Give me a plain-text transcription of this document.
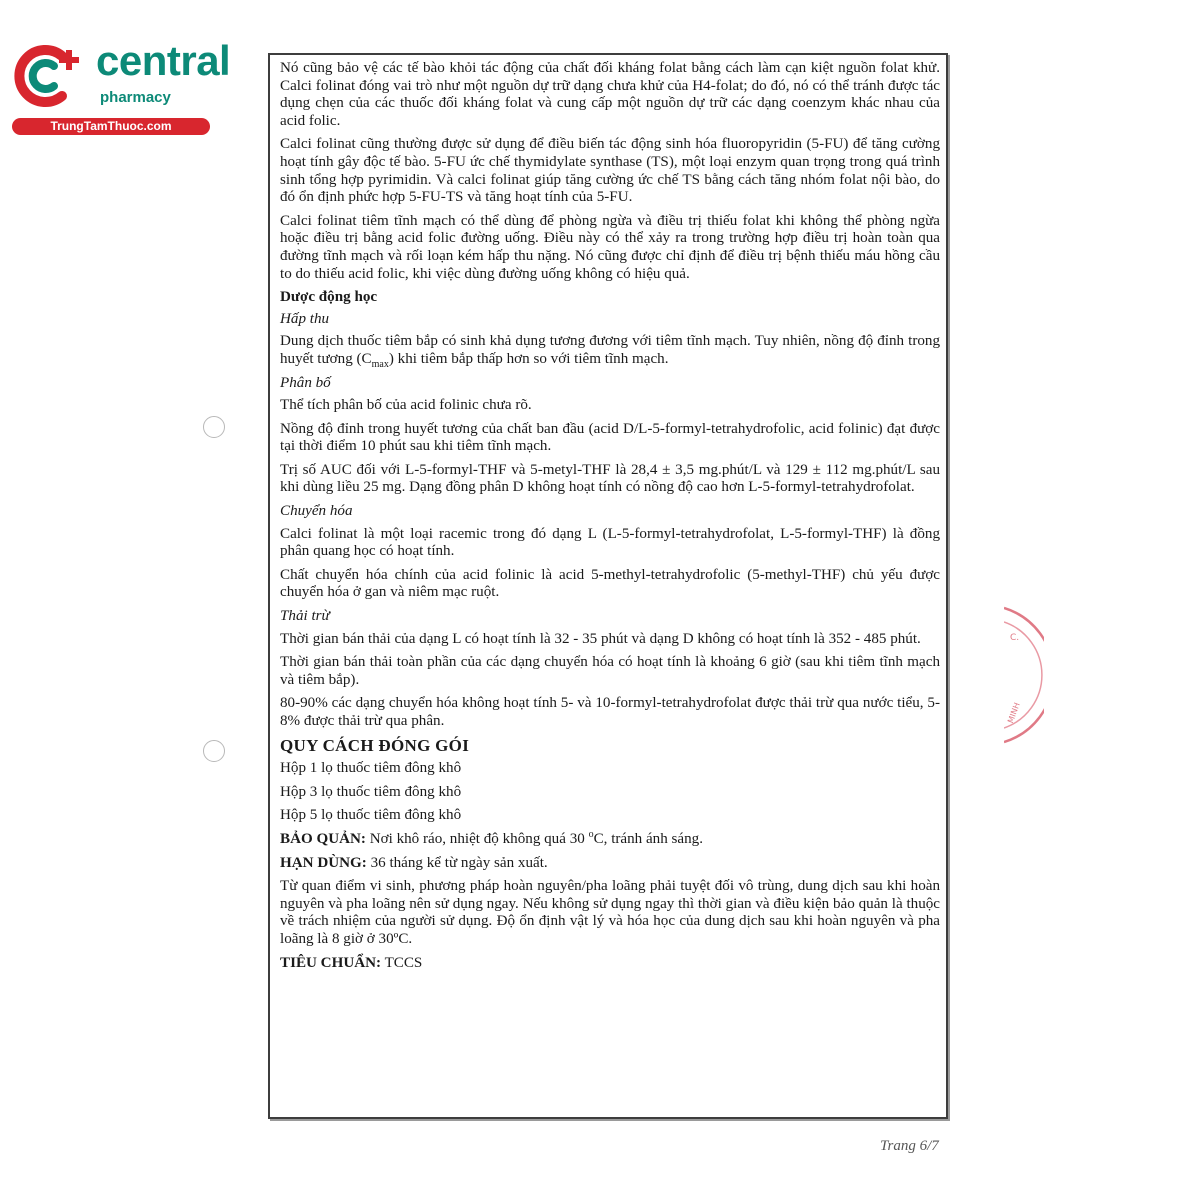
central
pharmacy
TrungTamThuoc.com
C.
MINH

Nó cũng bảo vệ các tế bào khỏi tác động của chất đối kháng folat bằng cách làm cạn kiệt nguồn folat khử. Calci folinat đóng vai trò như một nguồn dự trữ dạng chưa khử của H4-folat; do đó, nó có thể tránh được tác dụng chẹn của các thuốc đối kháng folat và cung cấp một nguồn dự trữ các dạng coenzym khác nhau của acid folic.

Calci folinat cũng thường được sử dụng để điều biến tác động sinh hóa fluoropyridin (5-FU) để tăng cường hoạt tính gây độc tế bào. 5-FU ức chế thymidylate synthase (TS), một loại enzym quan trọng trong quá trình sinh tổng hợp pyrimidin. Và calci folinat giúp tăng cường ức chế TS bằng cách tăng nhóm folat nội bào, do đó ổn định phức hợp 5-FU-TS và tăng hoạt tính của 5-FU.

Calci folinat tiêm tĩnh mạch có thể dùng để phòng ngừa và điều trị thiếu folat khi không thể phòng ngừa hoặc điều trị bằng acid folic đường uống. Điều này có thể xảy ra trong trường hợp điều trị hoàn toàn qua đường tĩnh mạch và rối loạn kém hấp thu nặng. Nó cũng được chỉ định để điều trị bệnh thiếu máu hồng cầu to do thiếu acid folic, khi việc dùng đường uống không có hiệu quả.

Dược động học
Hấp thu

Dung dịch thuốc tiêm bắp có sinh khả dụng tương đương với tiêm tĩnh mạch. Tuy nhiên, nồng độ đỉnh trong huyết tương $(C_{max})$ khi tiêm bắp thấp hơn so với tiêm tĩnh mạch.

Phân bố

Thể tích phân bố của acid folinic chưa rõ.

Nồng độ đỉnh trong huyết tương của chất ban đầu (acid D/L-5-formyl-tetrahydrofolic, acid folinic) đạt được tại thời điểm 10 phút sau khi tiêm tĩnh mạch.

Trị số AUC đối với L-5-formyl-THF và 5-metyl-THF là 28,4 ± 3,5 mg.phút/L và 129 ± 112 mg.phút/L sau khi dùng liều 25 mg. Dạng đồng phân D không hoạt tính có nồng độ cao hơn L-5-formyl-tetrahydrofolat.

Chuyển hóa

Calci folinat là một loại racemic trong đó dạng L (L-5-formyl-tetrahydrofolat, L-5-formyl-THF) là đồng phân quang học có hoạt tính.

Chất chuyển hóa chính của acid folinic là acid 5-methyl-tetrahydrofolic (5-methyl-THF) chủ yếu được chuyển hóa ở gan và niêm mạc ruột.

Thải trừ

Thời gian bán thải của dạng L có hoạt tính là 32 - 35 phút và dạng D không có hoạt tính là 352 - 485 phút.

Thời gian bán thải toàn phần của các dạng chuyển hóa có hoạt tính là khoảng 6 giờ (sau khi tiêm tĩnh mạch và tiêm bắp).

80-90% các dạng chuyển hóa không hoạt tính 5- và 10-formyl-tetrahydrofolat được thải trừ qua nước tiểu, 5-8% được thải trừ qua phân.

QUY CÁCH ĐÓNG GÓI
Hộp 1 lọ thuốc tiêm đông khô
Hộp 3 lọ thuốc tiêm đông khô
Hộp 5 lọ thuốc tiêm đông khô

BẢO QUẢN: Nơi khô ráo, nhiệt độ không quá 30 $^o$C, tránh ánh sáng.

HẠN DÙNG: 36 tháng kể từ ngày sản xuất.

Từ quan điểm vi sinh, phương pháp hoàn nguyên/pha loãng phải tuyệt đối vô trùng, dung dịch sau khi hoàn nguyên và pha loãng nên sử dụng ngay. Nếu không sử dụng ngay thì thời gian và điều kiện bảo quản là thuộc về trách nhiệm của người sử dụng. Độ ổn định vật lý và hóa học của dung dịch sau khi hoàn nguyên và pha loãng là 8 giờ ở 30ºC.

TIÊU CHUẨN: TCCS

Trang 6/7
